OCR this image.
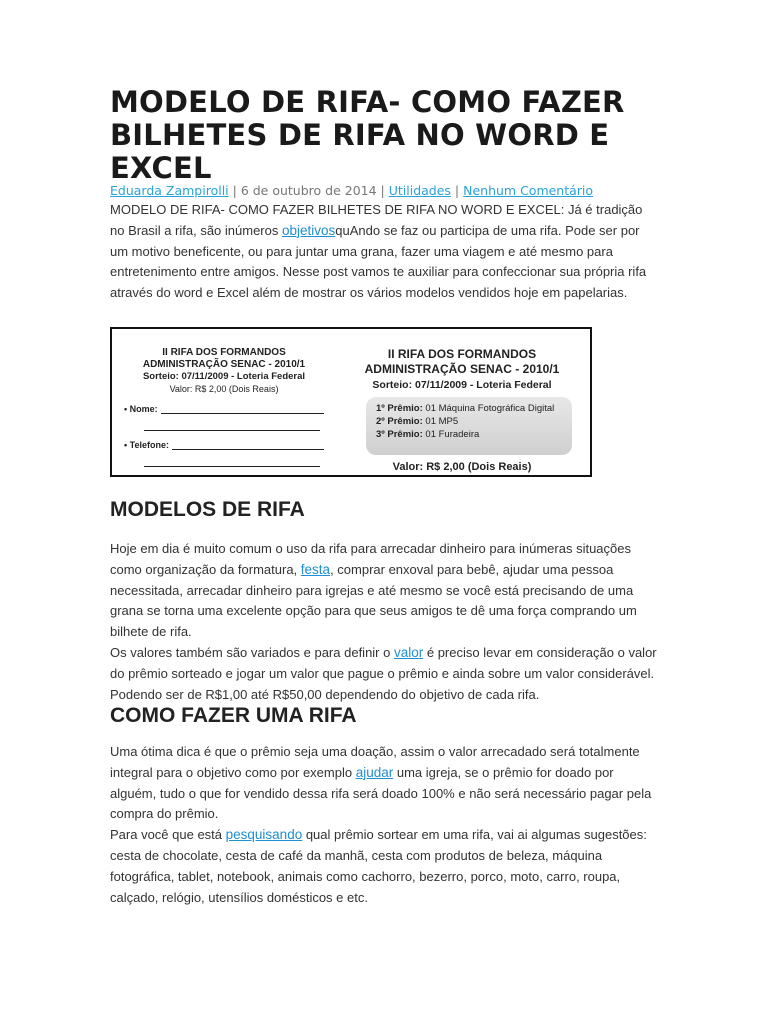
MODELO DE RIFA- COMO FAZER BILHETES DE RIFA NO WORD E EXCEL
Eduarda Zampirolli | 6 de outubro de 2014 | Utilidades | Nenhum Comentário

MODELO DE RIFA- COMO FAZER BILHETES DE RIFA NO WORD E EXCEL: Já é tradição no Brasil a rifa, são inúmeros objetivosquAndo se faz ou participa de uma rifa. Pode ser por um motivo beneficente, ou para juntar uma grana, fazer uma viagem e até mesmo para entretenimento entre amigos. Nesse post vamos te auxiliar para confeccionar sua própria rifa através do word e Excel além de mostrar os vários modelos vendidos hoje em papelarias.

II RIFA DOS FORMANDOS
ADMINISTRAÇÃO SENAC - 2010/1
Sorteio: 07/11/2009 - Loteria Federal
Valor: R$ 2,00 (Dois Reais)
• Nome:
• Telefone:
II RIFA DOS FORMANDOS
ADMINISTRAÇÃO SENAC - 2010/1
Sorteio: 07/11/2009 - Loteria Federal
1º Prêmio: 01 Máquina Fotográfica Digital
2º Prêmio: 01 MP5
3º Prêmio: 01 Furadeira
Valor: R$ 2,00 (Dois Reais)
MODELOS DE RIFA

Hoje em dia é muito comum o uso da rifa para arrecadar dinheiro para inúmeras situações como organização da formatura, festa, comprar enxoval para bebê, ajudar uma pessoa necessitada, arrecadar dinheiro para igrejas e até mesmo se você está precisando de uma grana se torna uma excelente opção para que seus amigos te dê uma força comprando um bilhete de rifa.

Os valores também são variados e para definir o valor é preciso levar em consideração o valor do prêmio sorteado e jogar um valor que pague o prêmio e ainda sobre um valor considerável. Podendo ser de R$1,00 até R$50,00 dependendo do objetivo de cada rifa.

COMO FAZER UMA RIFA

Uma ótima dica é que o prêmio seja uma doação, assim o valor arrecadado será totalmente integral para o objetivo como por exemplo ajudar uma igreja, se o prêmio for doado por alguém, tudo o que for vendido dessa rifa será doado 100% e não será necessário pagar pela compra do prêmio.

Para você que está pesquisando qual prêmio sortear em uma rifa, vai ai algumas sugestões: cesta de chocolate, cesta de café da manhã, cesta com produtos de beleza, máquina fotográfica, tablet, notebook, animais como cachorro, bezerro, porco, moto, carro, roupa, calçado, relógio, utensílios domésticos e etc.
